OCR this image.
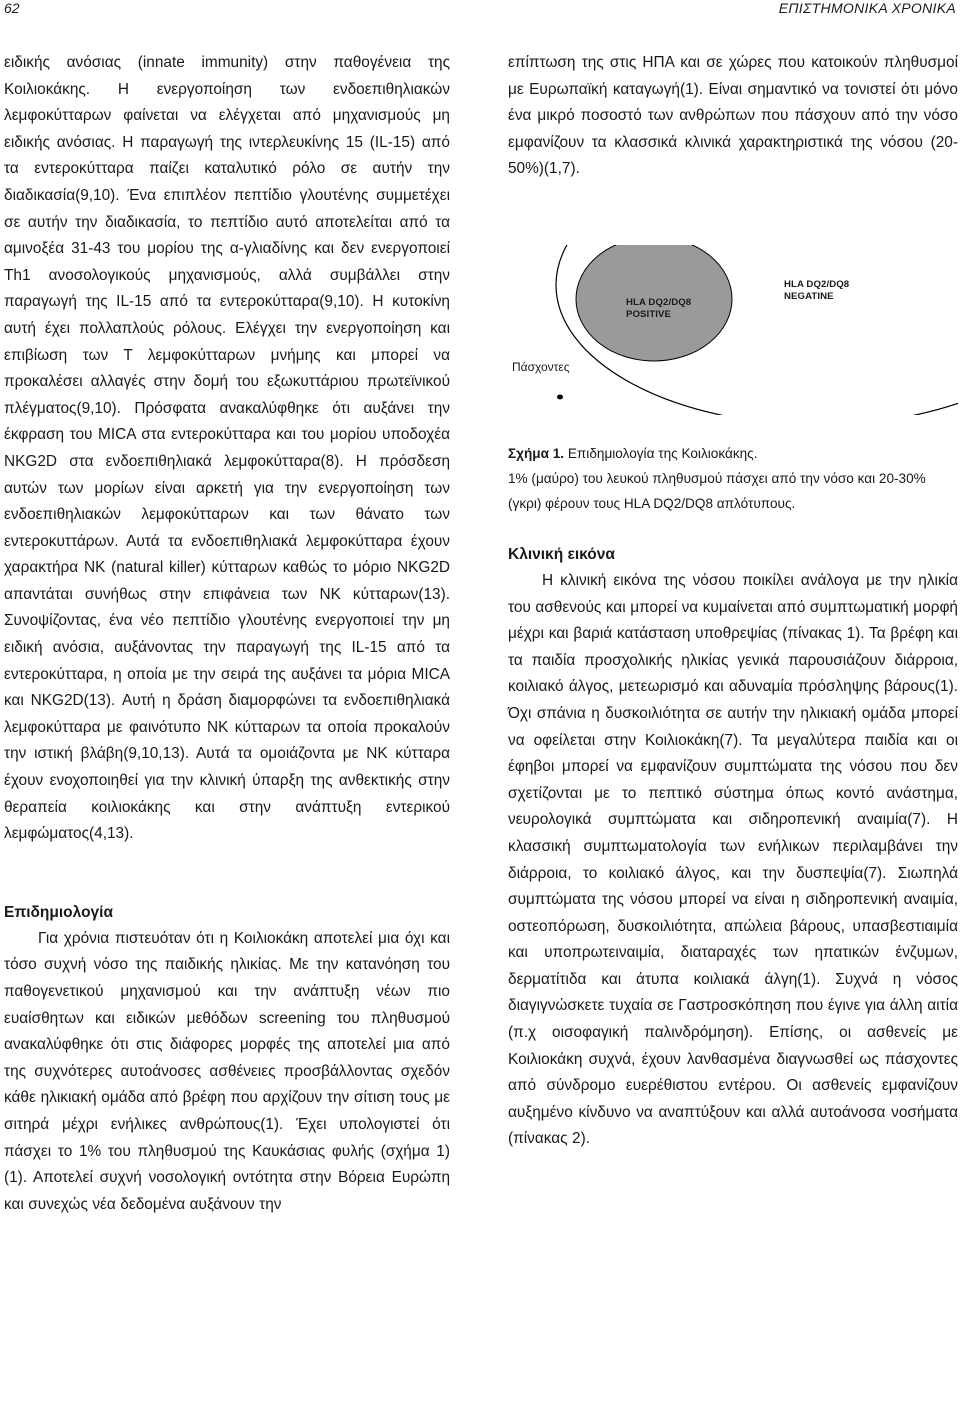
62	ΕΠΙΣΤΗΜΟΝΙΚΑ ΧΡΟΝΙΚΑ

ειδικής ανόσιας (innate immunity) στην παθογένεια της Κοιλιοκάκης. Η ενεργοποίηση των ενδοεπιθηλιακών λεμφοκύτταρων φαίνεται να ελέγχεται από μηχανισμούς μη ειδικής ανόσιας. Η παραγωγή της ιντερλευκίνης 15 (IL-15) από τα εντεροκύτταρα παίζει καταλυτικό ρόλο σε αυτήν την διαδικασία(9,10). Ένα επιπλέον πεπτίδιο γλουτένης συμμετέχει σε αυτήν την διαδικασία, το πεπτίδιο αυτό αποτελείται από τα αμινοξέα 31-43 του μορίου της α-γλιαδίνης και δεν ενεργοποιεί Th1 ανοσολογικούς μηχανισμούς, αλλά συμβάλλει στην παραγωγή της IL-15 από τα εντεροκύτταρα(9,10). Η κυτοκίνη αυτή έχει πολλαπλούς ρόλους. Ελέγχει την ενεργοποίηση και επιβίωση των Τ λεμφοκύτταρων μνήμης και μπορεί να προκαλέσει αλλαγές στην δομή του εξωκυττάριου πρωτεϊνικού πλέγματος(9,10). Πρόσφατα ανακαλύφθηκε ότι αυξάνει την έκφραση του MICA στα εντεροκύτταρα και του μορίου υποδοχέα NKG2D στα ενδοεπιθηλιακά λεμφοκύτταρα(8). Η πρόσδεση αυτών των μορίων είναι αρκετή για την ενεργοποίηση των ενδοεπιθηλιακών λεμφοκύτταρων και των θάνατο των εντεροκυττάρων. Αυτά τα ενδοεπιθηλιακά λεμφοκύτταρα έχουν χαρακτήρα ΝΚ (natural killer) κύτταρων καθώς το μόριο NKG2D απαντάται συνήθως στην επιφάνεια των ΝΚ κύτταρων(13). Συνοψίζοντας, ένα νέο πεπτίδιο γλουτένης ενεργοποιεί την μη ειδική ανόσια, αυξάνοντας την παραγωγή της IL-15 από τα εντεροκύτταρα, η οποία με την σειρά της αυξάνει τα μόρια MICA και NKG2D(13). Αυτή η δράση διαμορφώνει τα ενδοεπιθηλιακά λεμφοκύτταρα με φαινότυπο ΝΚ κύτταρων τα οποία προκαλούν την ιστική βλάβη(9,10,13). Αυτά τα ομοιάζοντα με ΝΚ κύτταρα έχουν ενοχοποιηθεί για την κλινική ύπαρξη της ανθεκτικής στην θεραπεία κοιλιοκάκης και στην ανάπτυξη εντερικού λεμφώματος(4,13).

Επιδημιολογία

Για χρόνια πιστευόταν ότι η Κοιλιοκάκη αποτελεί μια όχι και τόσο συχνή νόσο της παιδικής ηλικίας. Με την κατανόηση του παθογενετικού μηχανισμού και την ανάπτυξη νέων πιο ευαίσθητων και ειδικών μεθόδων screening του πληθυσμού ανακαλύφθηκε ότι στις διάφορες μορφές της αποτελεί μια από της συχνότερες αυτοάνοσες ασθένειες προσβάλλοντας σχεδόν κάθε ηλικιακή ομάδα από βρέφη που αρχίζουν την σίτιση τους με σιτηρά μέχρι ενήλικες ανθρώπους(1). Έχει υπολογιστεί ότι πάσχει το 1% του πληθυσμού της Καυκάσιας φυλής (σχήμα 1) (1). Αποτελεί συχνή νοσολογική οντότητα στην Βόρεια Ευρώπη και συνεχώς νέα δεδομένα αυξάνουν την

επίπτωση της στις ΗΠΑ και σε χώρες που κατοικούν πληθυσμοί με Ευρωπαϊκή καταγωγή(1). Είναι σημαντικό να τονιστεί ότι μόνο ένα μικρό ποσοστό των ανθρώπων που πάσχουν από την νόσο εμφανίζουν τα κλασσικά κλινικά χαρακτηριστικά της νόσου (20-50%)(1,7).

HLA DQ2/DQ8
POSITIVE
HLA DQ2/DQ8
NEGATINE
Πάσχοντες

Σχήμα 1. Επιδημιολογία της Κοιλιοκάκης.

1% (μαύρο) του λευκού πληθυσμού πάσχει από την νόσο και 20-30% (γκρι) φέρουν τους HLA DQ2/DQ8 απλότυπους.

Κλινική εικόνα

Η κλινική εικόνα της νόσου ποικίλει ανάλογα με την ηλικία του ασθενούς και μπορεί να κυμαίνεται από συμπτωματική μορφή μέχρι και βαριά κατάσταση υποθρεψίας (πίνακας 1). Τα βρέφη και τα παιδία προσχολικής ηλικίας γενικά παρουσιάζουν διάρροια, κοιλιακό άλγος, μετεωρισμό και αδυναμία πρόσληψης βάρους(1). Όχι σπάνια η δυσκοιλιότητα σε αυτήν την ηλικιακή ομάδα μπορεί να οφείλεται στην Κοιλιοκάκη(7). Τα μεγαλύτερα παιδία και οι έφηβοι μπορεί να εμφανίζουν συμπτώματα της νόσου που δεν σχετίζονται με το πεπτικό σύστημα όπως κοντό ανάστημα, νευρολογικά συμπτώματα και σιδηροπενική αναιμία(7). Η κλασσική συμπτωματολογία των ενήλικων περιλαμβάνει την διάρροια, το κοιλιακό άλγος, και την δυσπεψία(7). Σιωπηλά συμπτώματα της νόσου μπορεί να είναι η σιδηροπενική αναιμία, οστεοπόρωση, δυσκοιλιότητα, απώλεια βάρους, υπασβεστιαιμία και υποπρωτειναιμία, διαταραχές των ηπατικών ένζυμων, δερματίτιδα και άτυπα κοιλιακά άλγη(1). Συχνά η νόσος διαγιγνώσκετε τυχαία σε Γαστροσκόπηση που έγινε για άλλη αιτία (π.χ οισοφαγική παλινδρόμηση). Επίσης, οι ασθενείς με Κοιλιοκάκη συχνά, έχουν λανθασμένα διαγνωσθεί ως πάσχοντες από σύνδρομο ευερέθιστου εντέρου. Οι ασθενείς εμφανίζουν αυξημένο κίνδυνο να αναπτύξουν και αλλά αυτοάνοσα νοσήματα (πίνακας 2).
